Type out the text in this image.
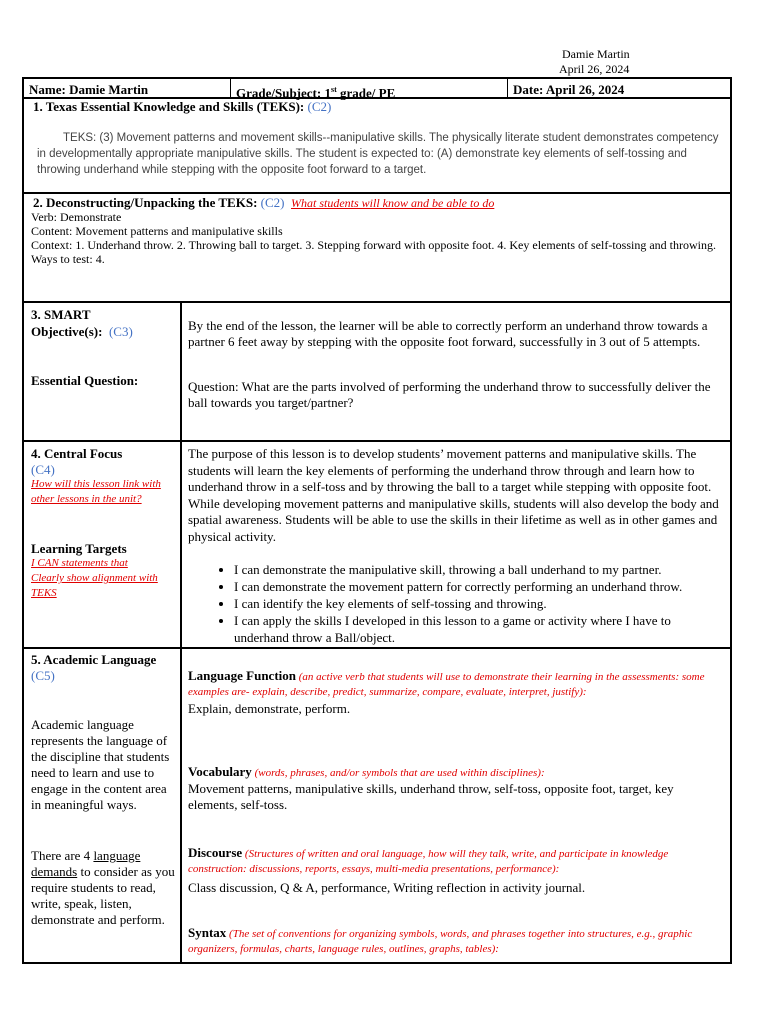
Damie Martin
April 26, 2024
Name: Damie Martin	Grade/Subject: 1st grade/ PE	Date: April 26, 2024
1. Texas Essential Knowledge and Skills (TEKS): (C2)
TEKS: (3) Movement patterns and movement skills--manipulative skills. The physically literate student demonstrates competency in developmentally appropriate manipulative skills. The student is expected to: (A) demonstrate key elements of self-tossing and throwing underhand while stepping with the opposite foot forward to a target.
2. Deconstructing/Unpacking the TEKS: (C2) What students will know and be able to do
Verb: Demonstrate
Content: Movement patterns and manipulative skills
Context: 1. Underhand throw. 2. Throwing ball to target. 3. Stepping forward with opposite foot. 4. Key elements of self-tossing and throwing.
Ways to test: 4.
3. SMART
Objective(s): (C3)
Essential Question:
By the end of the lesson, the learner will be able to correctly perform an underhand throw towards a partner 6 feet away by stepping with the opposite foot forward, successfully in 3 out of 5 attempts.
Question: What are the parts involved of performing the underhand throw to successfully deliver the ball towards you target/partner?
4. Central Focus
(C4)
How will this lesson link with other lessons in the unit?
Learning Targets
I CAN statements that Clearly show alignment with TEKS
The purpose of this lesson is to develop students’ movement patterns and manipulative skills. The students will learn the key elements of performing the underhand throw through and learn how to underhand throw in a self-toss and by throwing the ball to a target while stepping with opposite foot. While developing movement patterns and manipulative skills, students will also develop the body and spatial awareness. Students will be able to use the skills in their lifetime as well as in other games and physical activity.
• I can demonstrate the manipulative skill, throwing a ball underhand to my partner.
• I can demonstrate the movement pattern for correctly performing an underhand throw.
• I can identify the key elements of self-tossing and throwing.
• I can apply the skills I developed in this lesson to a game or activity where I have to underhand throw a Ball/object.
5. Academic Language
(C5)
Academic language represents the language of the discipline that students need to learn and use to engage in the content area in meaningful ways.
There are 4 language demands to consider as you require students to read, write, speak, listen, demonstrate and perform.
Language Function (an active verb that students will use to demonstrate their learning in the assessments: some examples are- explain, describe, predict, summarize, compare, evaluate, interpret, justify):
Explain, demonstrate, perform.
Vocabulary (words, phrases, and/or symbols that are used within disciplines):
Movement patterns, manipulative skills, underhand throw, self-toss, opposite foot, target, key elements, self-toss.
Discourse (Structures of written and oral language, how will they talk, write, and participate in knowledge construction: discussions, reports, essays, multi-media presentations, performance):
Class discussion, Q & A, performance, Writing reflection in activity journal.
Syntax (The set of conventions for organizing symbols, words, and phrases together into structures, e.g., graphic organizers, formulas, charts, language rules, outlines, graphs, tables):
